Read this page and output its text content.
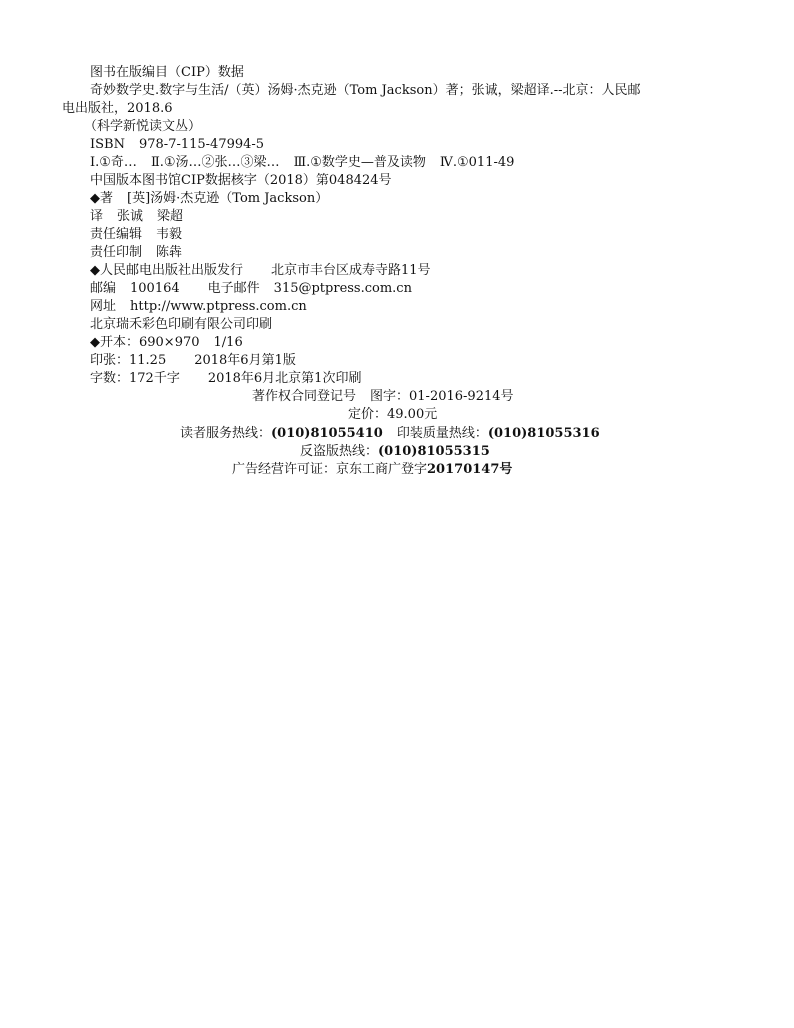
图书在版编目（CIP）数据
奇妙数学史.数字与生活/（英）汤姆·杰克逊（Tom Jackson）著；张诚，梁超译.--北京：人民邮
电出版社，2018.6
（科学新悦读文丛）
ISBN 978-7-115-47994-5
Ⅰ.①奇… Ⅱ.①汤…②张…③梁… Ⅲ.①数学史—普及读物 Ⅳ.①011-49
中国版本图书馆CIP数据核字（2018）第048424号
◆著 [英]汤姆·杰克逊（Tom Jackson）
译 张诚 梁超
责任编辑 韦毅
责任印制 陈犇
◆人民邮电出版社出版发行 北京市丰台区成寿寺路11号
邮编 100164 电子邮件 315@ptpress.com.cn
网址 http://www.ptpress.com.cn
北京瑞禾彩色印刷有限公司印刷
◆开本：690×970 1/16
印张：11.25 2018年6月第1版
字数：172千字 2018年6月北京第1次印刷
著作权合同登记号 图字：01-2016-9214号
定价：49.00元
读者服务热线：(010)81055410 印装质量热线：(010)81055316
反盗版热线：(010)81055315
广告经营许可证：京东工商广登字20170147号
